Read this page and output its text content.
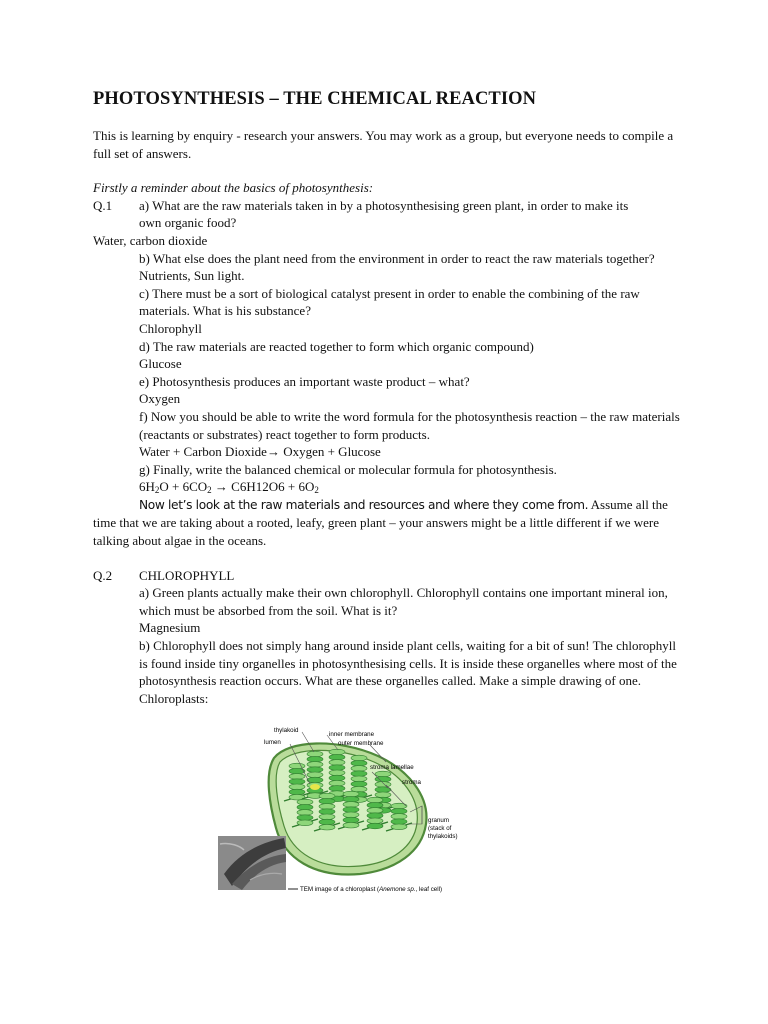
PHOTOSYNTHESIS – THE CHEMICAL REACTION

This is learning by enquiry - research your answers. You may work as a group, but everyone needs to compile a full set of answers.

Firstly a reminder about the basics of photosynthesis:

Q.1	a) What are the raw materials taken in by a photosynthesising green plant, in order to make its

own organic food?

Water, carbon dioxide

b) What else does the plant need from the environment in order to react the raw materials together?

Nutrients, Sun light.

c) There must be a sort of biological catalyst present in order to enable the combining of the raw materials. What is his substance?

Chlorophyll

d) The raw materials are reacted together to form which organic compound)

Glucose

e) Photosynthesis produces an important waste product – what?

Oxygen

f) Now you should be able to write the word formula for the photosynthesis reaction – the raw materials (reactants or substrates) react together to form products.

Water + Carbon Dioxide→ Oxygen + Glucose

g) Finally, write the balanced chemical or molecular formula for photosynthesis.

$6H_2O + 6CO_2 \to C6H12O6 + 6O_2$

Now let’s look at the raw materials and resources and where they come from. Assume all the time that we are taking about a rooted, leafy, green plant – your answers might be a little different if we were talking about algae in the oceans.

Q.2	CHLOROPHYLL

a) Green plants actually make their own chlorophyll. Chlorophyll contains one important mineral ion, which must be absorbed from the soil. What is it?

Magnesium

b) Chlorophyll does not simply hang around inside plant cells, waiting for a bit of sun! The chlorophyll is found inside tiny organelles in photosynthesising cells. It is inside these organelles where most of the photosynthesis reaction occurs. What are these organelles called. Make a simple drawing of one.

Chloroplasts:
thylakoid
lumen
inner membrane
outer membrane
stroma lamellae
stroma
granum
(stack of
thylakoids)
TEM image of a chloroplast (Anemone sp., leaf cell)
